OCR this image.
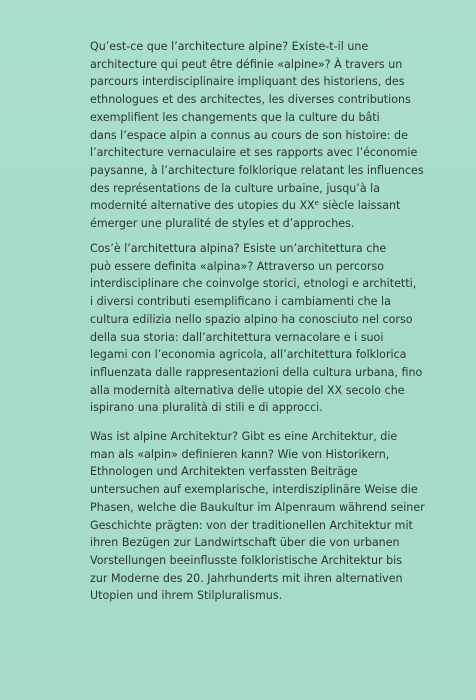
Qu’est-ce que l’architecture alpine? Existe-t-il une
architecture qui peut être définie «alpine»? À travers un
parcours interdisciplinaire impliquant des historiens, des
ethnologues et des architectes, les diverses contributions
exemplifient les changements que la culture du bâti
dans l’espace alpin a connus au cours de son histoire: de
l’architecture vernaculaire et ses rapports avec l’économie
paysanne, à l’architecture folklorique relatant les influences
des représentations de la culture urbaine, jusqu’à la
modernité alternative des utopies du XXe siècle laissant
émerger une pluralité de styles et d’approches.

Cos’è l’architettura alpina? Esiste un’architettura che
può essere definita «alpina»? Attraverso un percorso
interdisciplinare che coinvolge storici, etnologi e architetti,
i diversi contributi esemplificano i cambiamenti che la
cultura edilizia nello spazio alpino ha conosciuto nel corso
della sua storia: dall’architettura vernacolare e i suoi
legami con l’economia agricola, all’architettura folklorica
influenzata dalle rappresentazioni della cultura urbana, fino
alla modernità alternativa delle utopie del XX secolo che
ispirano una pluralità di stili e di approcci.

Was ist alpine Architektur? Gibt es eine Architektur, die
man als «alpin» definieren kann? Wie von Historikern,
Ethnologen und Architekten verfassten Beiträge
untersuchen auf exemplarische, interdisziplinäre Weise die
Phasen, welche die Baukultur im Alpenraum während seiner
Geschichte prägten: von der traditionellen Architektur mit
ihren Bezügen zur Landwirtschaft über die von urbanen
Vorstellungen beeinflusste folkloristische Architektur bis
zur Moderne des 20. Jahrhunderts mit ihren alternativen
Utopien und ihrem Stilpluralismus.
